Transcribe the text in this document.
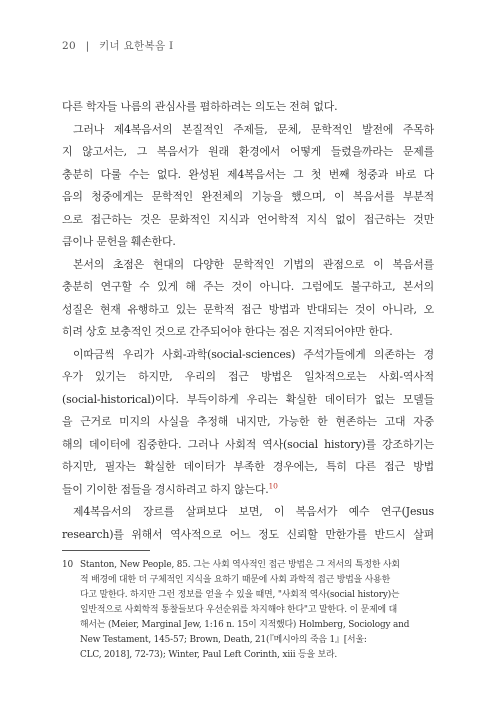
20 | 키너 요한복음 I

다른 학자들 나름의 관심사를 폄하하려는 의도는 전혀 없다.

그러나 제4복음서의 본질적인 주제들, 문체, 문학적인 발전에 주목하

지 않고서는, 그 복음서가 원래 환경에서 어떻게 들렸을까라는 문제를
충분히 다룰 수는 없다. 완성된 제4복음서는 그 첫 번째 청중과 바로 다
음의 청중에게는 문학적인 완전체의 기능을 했으며, 이 복음서를 부분적
으로 접근하는 것은 문화적인 지식과 언어학적 지식 없이 접근하는 것만
큼이나 문헌을 훼손한다.

본서의 초점은 현대의 다양한 문학적인 기법의 관점으로 이 복음서를

충분히 연구할 수 있게 해 주는 것이 아니다. 그럼에도 불구하고, 본서의
성질은 현재 유행하고 있는 문학적 접근 방법과 반대되는 것이 아니라, 오
히려 상호 보충적인 것으로 간주되어야 한다는 점은 지적되어야만 한다.

이따금씩 우리가 사회-과학(social-sciences) 주석가들에게 의존하는 경

우가 있기는 하지만, 우리의 접근 방법은 일차적으로는 사회-역사적
(social-historical)이다. 부득이하게 우리는 확실한 데이터가 없는 모델들
을 근거로 미지의 사실을 추정해 내지만, 가능한 한 현존하는 고대 자중
해의 데이터에 집중한다. 그러나 사회적 역사(social history)를 강조하기는
하지만, 필자는 확실한 데이터가 부족한 경우에는, 특히 다른 접근 방법
들이 기이한 점들을 경시하려고 하지 않는다.$^{10}$

제4복음서의 장르를 살펴보다 보면, 이 복음서가 예수 연구(Jesus

research)를 위해서 역사적으로 어느 정도 신뢰할 만한가를 반드시 살펴

10 Stanton, New People, 85. 그는 사회 역사적인 접근 방법은 그 저서의 특정한 사회
적 배경에 대한 더 구체적인 지식을 요하기 때문에 사회 과학적 접근 방법을 사용한
다고 말한다. 하지만 그런 정보를 얻을 수 있을 때면, "사회적 역사(social history)는
일반적으로 사회학적 통찰들보다 우선순위를 차지해야 한다"고 말한다. 이 문제에 대
해서는 (Meier, Marginal Jew, 1:16 n. 15이 지적했다) Holmberg, Sociology and
New Testament, 145-57; Brown, Death, 21(『메시아의 죽음 1』[서울:
CLC, 2018], 72-73); Winter, Paul Left Corinth, xiii 등을 보라.
